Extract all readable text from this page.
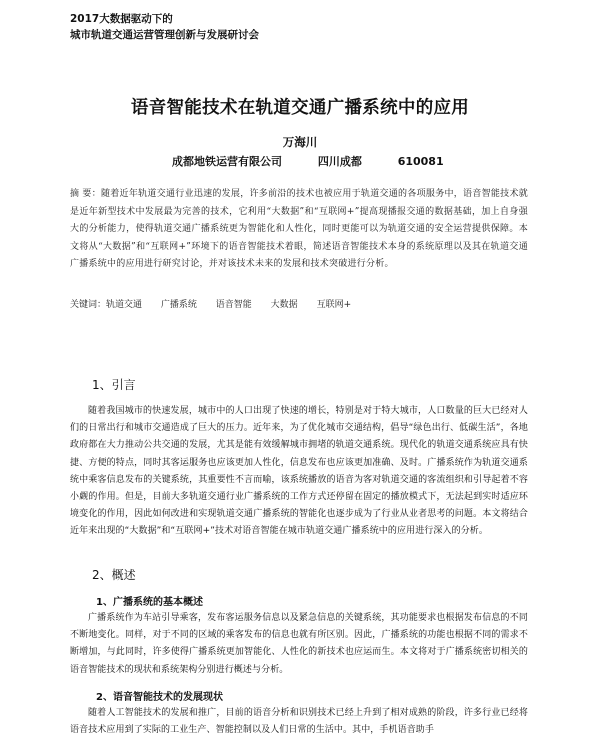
2017大数据驱动下的
城市轨道交通运营管理创新与发展研讨会
语音智能技术在轨道交通广播系统中的应用
万海川
成都地铁运营有限公司	四川成都	610081
摘 要：随着近年轨道交通行业迅速的发展，许多前沿的技术也被应用于轨道交通的各项服务中，语音智能技术就是近年新型技术中发展最为完善的技术，它利用“大数据”和“互联网+”提高现播报交通的数据基础，加上自身强大的分析能力，使得轨道交通广播系统更为智能化和人性化，同时更能可以为轨道交通的安全运营提供保障。本文将从“大数据”和“互联网+”环境下的语音智能技术着眼，简述语音智能技术本身的系统原理以及其在轨道交通广播系统中的应用进行研究讨论，并对该技术未来的发展和技术突破进行分析。
关键词：轨道交通 广播系统 语音智能 大数据 互联网+
1、引言
随着我国城市的快速发展，城市中的人口出现了快速的增长，特别是对于特大城市，人口数量的巨大已经对人们的日常出行和城市交通造成了巨大的压力。近年来，为了优化城市交通结构，倡导“绿色出行、低碳生活”，各地政府都在大力推动公共交通的发展，尤其是能有效缓解城市拥堵的轨道交通系统。现代化的轨道交通系统应具有快捷、方便的特点，同时其客运服务也应该更加人性化，信息发布也应该更加准确、及时。广播系统作为轨道交通系统中乘客信息发布的关键系统，其重要性不言而喻，该系统播放的语音为客对轨道交通的客流组织和引导起着不容小觑的作用。但是，目前大多轨道交通行业广播系统的工作方式还停留在固定的播放模式下，无法起到实时适应环境变化的作用，因此如何改进和实现轨道交通广播系统的智能化也逐步成为了行业从业者思考的问题。本文将结合近年来出现的“大数据”和“互联网+”技术对语音智能在城市轨道交通广播系统中的应用进行深入的分析。
2、概述
1、广播系统的基本概述
广播系统作为车站引导乘客，发布客运服务信息以及紧急信息的关键系统，其功能要求也根据发布信息的不同不断地变化。同样，对于不同的区域的乘客发布的信息也就有所区别。因此，广播系统的功能也根据不同的需求不断增加，与此同时，许多使得广播系统更加智能化、人性化的新技术也应运而生。本文将对于广播系统密切相关的语音智能技术的现状和系统架构分别进行概述与分析。
2、语音智能技术的发展现状
随着人工智能技术的发展和推广，目前的语音分析和识别技术已经上升到了相对成熟的阶段，许多行业已经将语音技术应用到了实际的工业生产、智能控制以及人们日常的生活中。其中，手机语音助手
